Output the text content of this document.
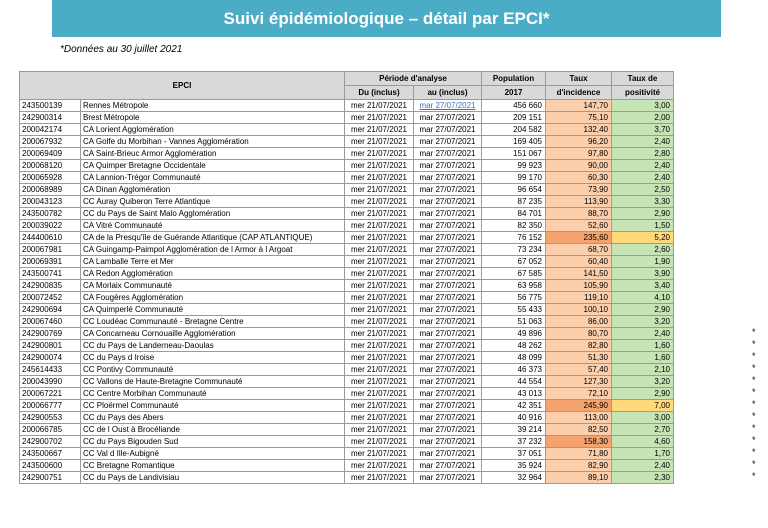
Suivi épidémiologique – détail par EPCI*
*Données au 30 juillet 2021
EPCI		Période d'analyse		Population	Taux	Taux de
		Du (inclus)	au (inclus)	2017	d'incidence	positivité
243500139	Rennes Métropole	mer 21/07/2021	mar 27/07/2021	456 660	147,70	3,00
242900314	Brest Métropole	mer 21/07/2021	mar 27/07/2021	209 151	75,10	2,00
200042174	CA Lorient Agglomération	mer 21/07/2021	mar 27/07/2021	204 582	132,40	3,70
200067932	CA Golfe du Morbihan - Vannes Agglomération	mer 21/07/2021	mar 27/07/2021	169 405	96,20	2,40
200069409	CA Saint-Brieuc Armor Agglomération	mer 21/07/2021	mar 27/07/2021	151 067	97,80	2,80
200068120	CA Quimper Bretagne Occidentale	mer 21/07/2021	mar 27/07/2021	99 923	90,00	2,40
200065928	CA Lannion-Trégor Communauté	mer 21/07/2021	mar 27/07/2021	99 170	60,30	2,40
200068989	CA Dinan Agglomération	mer 21/07/2021	mar 27/07/2021	96 654	73,90	2,50
200043123	CC Auray Quiberon Terre Atlantique	mer 21/07/2021	mar 27/07/2021	87 235	113,90	3,30
243500782	CC du Pays de Saint Malo Agglomération	mer 21/07/2021	mar 27/07/2021	84 701	88,70	2,90
200039022	CA Vitré Communauté	mer 21/07/2021	mar 27/07/2021	82 350	52,60	1,50
244400610	CA de la Presqu'île de Guérande Atlantique (CAP ATLANTIQUE)	mer 21/07/2021	mar 27/07/2021	76 152	235,60	5,20
200067981	CA Guingamp-Paimpol Agglomération de l Armor à l Argoat	mer 21/07/2021	mar 27/07/2021	73 234	68,70	2,60
200069391	CA Lamballe Terre et Mer	mer 21/07/2021	mar 27/07/2021	67 052	60,40	1,90
243500741	CA Redon Agglomération	mer 21/07/2021	mar 27/07/2021	67 585	141,50	3,90
242900835	CA Morlaix Communauté	mer 21/07/2021	mar 27/07/2021	63 958	105,90	3,40
200072452	CA Fougères Agglomération	mer 21/07/2021	mar 27/07/2021	56 775	119,10	4,10
242900694	CA Quimperlé Communauté	mer 21/07/2021	mar 27/07/2021	55 433	100,10	2,90
200067460	CC Loudéac Communauté - Bretagne Centre	mer 21/07/2021	mar 27/07/2021	51 063	86,00	3,20
242900769	CA Concarneau Cornouaille Agglomération	mer 21/07/2021	mar 27/07/2021	49 896	80,70	2,40
242900801	CC du Pays de Landerneau-Daoulas	mer 21/07/2021	mar 27/07/2021	48 262	82,80	1,60
242900074	CC du Pays d Iroise	mer 21/07/2021	mar 27/07/2021	48 099	51,30	1,60
245614433	CC Pontivy Communauté	mer 21/07/2021	mar 27/07/2021	46 373	57,40	2,10
200043990	CC Vallons de Haute-Bretagne Communauté	mer 21/07/2021	mar 27/07/2021	44 554	127,30	3,20
200067221	CC Centre Morbihan Communauté	mer 21/07/2021	mar 27/07/2021	43 013	72,10	2,90
200066777	CC Ploërmel Communauté	mer 21/07/2021	mar 27/07/2021	42 351	245,90	7,00
242900553	CC du Pays des Abers	mer 21/07/2021	mar 27/07/2021	40 916	113,00	3,00
200066785	CC de l Oust à Brocéliande	mer 21/07/2021	mar 27/07/2021	39 214	82,50	2,70
242900702	CC du Pays Bigouden Sud	mer 21/07/2021	mar 27/07/2021	37 232	158,30	4,60
243500667	CC Val d Ille-Aubigné	mer 21/07/2021	mar 27/07/2021	37 051	71,80	1,70
243500600	CC Bretagne Romantique	mer 21/07/2021	mar 27/07/2021	35 924	82,90	2,40
242900751	CC du Pays de Landivisiau	mer 21/07/2021	mar 27/07/2021	32 964	89,10	2,30
*
*
*
*
*
*
*
*
*
*
*
*
*
